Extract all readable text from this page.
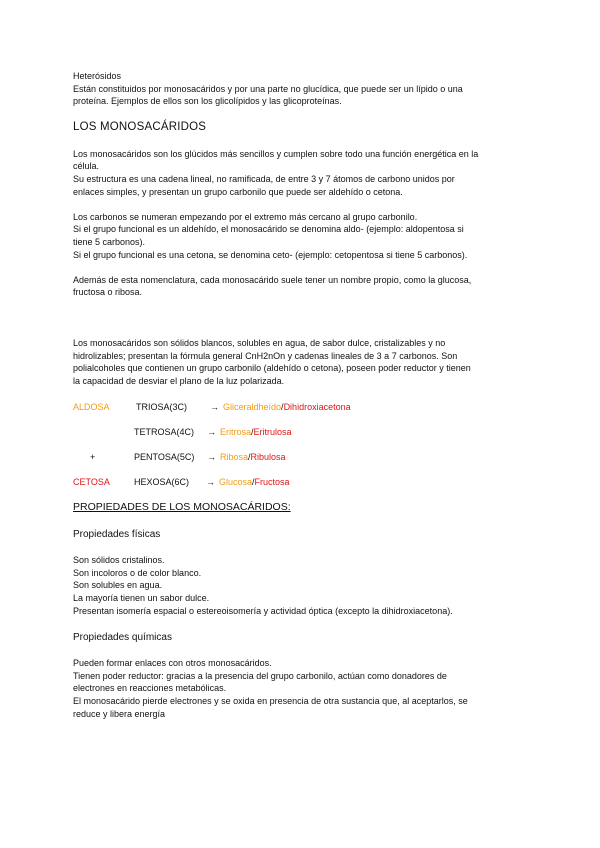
Heterósidos

Están constituidos por monosacáridos y por una parte no glucídica, que puede ser un lípido o una

proteína. Ejemplos de ellos son los glicolípidos y las glicoproteínas.

LOS MONOSACÁRIDOS

Los monosacáridos son los glúcidos más sencillos y cumplen sobre todo una función energética en la

célula.

Su estructura es una cadena lineal, no ramificada, de entre 3 y 7 átomos de carbono unidos por

enlaces simples, y presentan un grupo carbonilo que puede ser aldehído o cetona.

Los carbonos se numeran empezando por el extremo más cercano al grupo carbonilo.

Si el grupo funcional es un aldehído, el monosacárido se denomina aldo- (ejemplo: aldopentosa si

tiene 5 carbonos).

Si el grupo funcional es una cetona, se denomina ceto- (ejemplo: cetopentosa si tiene 5 carbonos).

Además de esta nomenclatura, cada monosacárido suele tener un nombre propio, como la glucosa,

fructosa o ribosa.

Los monosacáridos son sólidos blancos, solubles en agua, de sabor dulce, cristalizables y no

hidrolizables; presentan la fórmula general CnH2nOn y cadenas lineales de 3 a 7 carbonos. Son

polialcoholes que contienen un grupo carbonilo (aldehído o cetona), poseen poder reductor y tienen

la capacidad de desviar el plano de la luz polarizada.

ALDOSA	TRIOSA(3C)	→ Gliceraldheído/Dihidroxiacetona
TETROSA(4C) → Eritrosa/Eritrulosa
+	PENTOSA(5C) → Ribosa/Ribulosa
CETOSA	HEXOSA(6C) → Glucosa/Fructosa

PROPIEDADES DE LOS MONOSACÁRIDOS:

Propiedades físicas

Son sólidos cristalinos.

Son incoloros o de color blanco.

Son solubles en agua.

La mayoría tienen un sabor dulce.

Presentan isomería espacial o estereoisomería y actividad óptica (excepto la dihidroxiacetona).

Propiedades químicas

Pueden formar enlaces con otros monosacáridos.

Tienen poder reductor: gracias a la presencia del grupo carbonilo, actúan como donadores de

electrones en reacciones metabólicas.

El monosacárido pierde electrones y se oxida en presencia de otra sustancia que, al aceptarlos, se

reduce y libera energía
